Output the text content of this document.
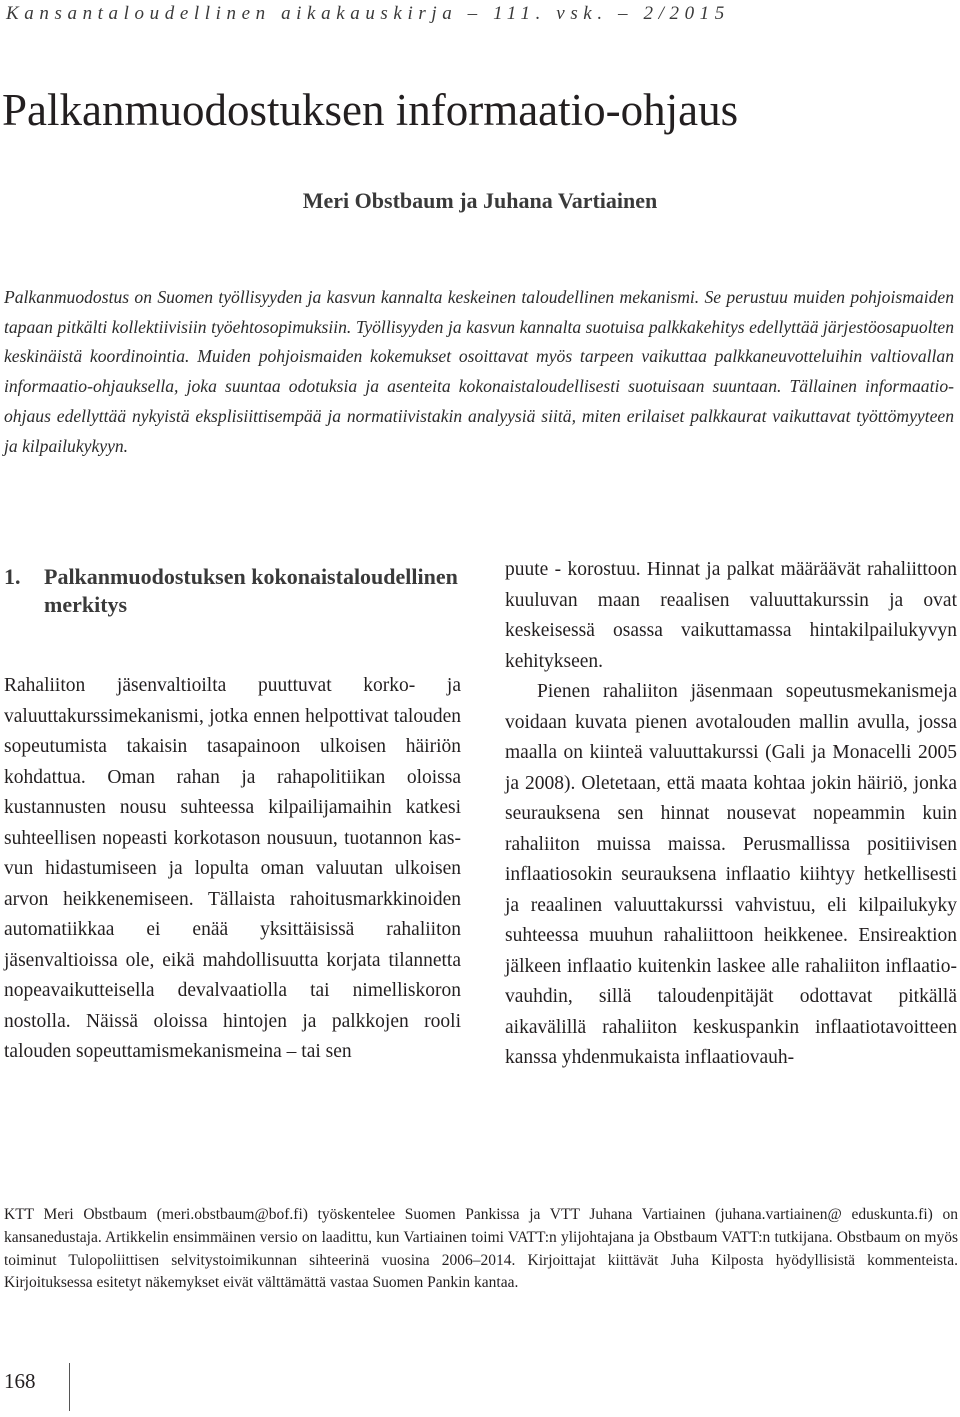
Kansantaloudellinen aikakauskirja – 111. vsk. – 2/2015
Palkanmuodostuksen informaatio-ohjaus
Meri Obstbaum ja Juhana Vartiainen

Palkanmuodostus on Suomen työllisyyden ja kasvun kannalta keskeinen taloudellinen mekanismi. Se perustuu muiden pohjoismaiden tapaan pitkälti kollektiivisiin työehtosopimuksiin. Työllisyyden ja kasvun kannalta suotuisa palkkakehitys edellyttää järjestöosapuolten keskinäistä koordinointia. Muiden pohjoismaiden kokemukset osoittavat myös tarpeen vaikuttaa palkkaneuvotteluihin valtiovallan informaatio-ohjauksella, joka suuntaa odotuksia ja asenteita kokonaistaloudellisesti suotuisaan suuntaan. Tällainen informaatio-ohjaus edellyttää nykyistä eksplisiittisempää ja normatiivistakin analyysiä siitä, miten erilaiset palkkaurat vaikuttavat työttömyyteen ja kilpailukykyyn.

1.	Palkanmuodostuksen kokonaistaloudellinen merkitys

Rahaliiton jäsenvaltioilta puuttuvat korko- ja valuuttakurssimekanismi, jotka ennen helpottivat talouden sopeutumista takaisin tasapainoon ulkoisen häiriön kohdattua. Oman rahan ja rahapolitiikan oloissa kustannusten nousu suhteessa kilpailijamaihin katkesi suhteellisen nopeasti korkotason nousuun, tuotannon kasvun hidastumiseen ja lopulta oman valuutan ulkoisen arvon heikkenemiseen. Tällaista rahoitusmarkkinoiden automatiikkaa ei enää yksittäisissä rahaliiton jäsenvaltioissa ole, eikä mahdollisuutta korjata tilannetta nopeavaikutteisella devalvaatiolla tai nimelliskoron nostolla. Näissä oloissa hintojen ja palkkojen rooli talouden sopeuttamismekanismeina – tai sen

puute - korostuu. Hinnat ja palkat määräävät rahaliittoon kuuluvan maan reaalisen valuuttakurssin ja ovat keskeisessä osassa vaikuttamassa hintakilpailukyvyn kehitykseen.

Pienen rahaliiton jäsenmaan sopeutusmekanismeja voidaan kuvata pienen avotalouden mallin avulla, jossa maalla on kiinteä valuuttakurssi (Gali ja Monacelli 2005 ja 2008). Oletetaan, että maata kohtaa jokin häiriö, jonka seurauksena sen hinnat nousevat nopeammin kuin rahaliiton muissa maissa. Perusmallissa positiivisen inflaatiosokin seurauksena inflaatio kiihtyy hetkellisesti ja reaalinen valuuttakurssi vahvistuu, eli kilpailukyky suhteessa muuhun rahaliittoon heikkenee. Ensireaktion jälkeen inflaatio kuitenkin laskee alle rahaliiton inflaatiovauhdin, sillä taloudenpitäjät odottavat pitkällä aikavälillä rahaliiton keskuspankin inflaatiotavoitteen kanssa yhdenmukaista inflaatiovauh-

KTT Meri Obstbaum (meri.obstbaum@bof.fi) työskentelee Suomen Pankissa ja VTT Juhana Vartiainen (juhana.vartiainen@ eduskunta.fi) on kansanedustaja. Artikkelin ensimmäinen versio on laadittu, kun Vartiainen toimi VATT:n ylijohtajana ja Obstbaum VATT:n tutkijana. Obstbaum on myös toiminut Tulopoliittisen selvitystoimikunnan sihteerinä vuosina 2006–2014. Kirjoittajat kiittävät Juha Kilposta hyödyllisistä kommenteista. Kirjoituksessa esitetyt näkemykset eivät välttämättä vastaa Suomen Pankin kantaa.

168
